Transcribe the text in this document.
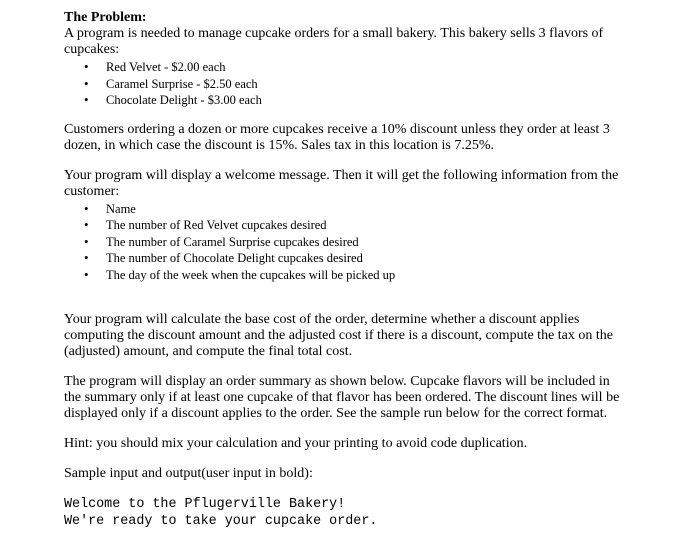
The Problem:

A program is needed to manage cupcake orders for a small bakery. This bakery sells 3 flavors of cupcakes:

• Red Velvet - $2.00 each
• Caramel Surprise - $2.50 each
• Chocolate Delight - $3.00 each

Customers ordering a dozen or more cupcakes receive a 10% discount unless they order at least 3 dozen, in which case the discount is 15%. Sales tax in this location is 7.25%.

Your program will display a welcome message. Then it will get the following information from the customer:

• Name
• The number of Red Velvet cupcakes desired
• The number of Caramel Surprise cupcakes desired
• The number of Chocolate Delight cupcakes desired
• The day of the week when the cupcakes will be picked up

Your program will calculate the base cost of the order, determine whether a discount applies computing the discount amount and the adjusted cost if there is a discount, compute the tax on the (adjusted) amount, and compute the final total cost.

The program will display an order summary as shown below. Cupcake flavors will be included in the summary only if at least one cupcake of that flavor has been ordered. The discount lines will be displayed only if a discount applies to the order. See the sample run below for the correct format.

Hint: you should mix your calculation and your printing to avoid code duplication.

Sample input and output(user input in bold):

Welcome to the Pflugerville Bakery!
We're ready to take your cupcake order.
